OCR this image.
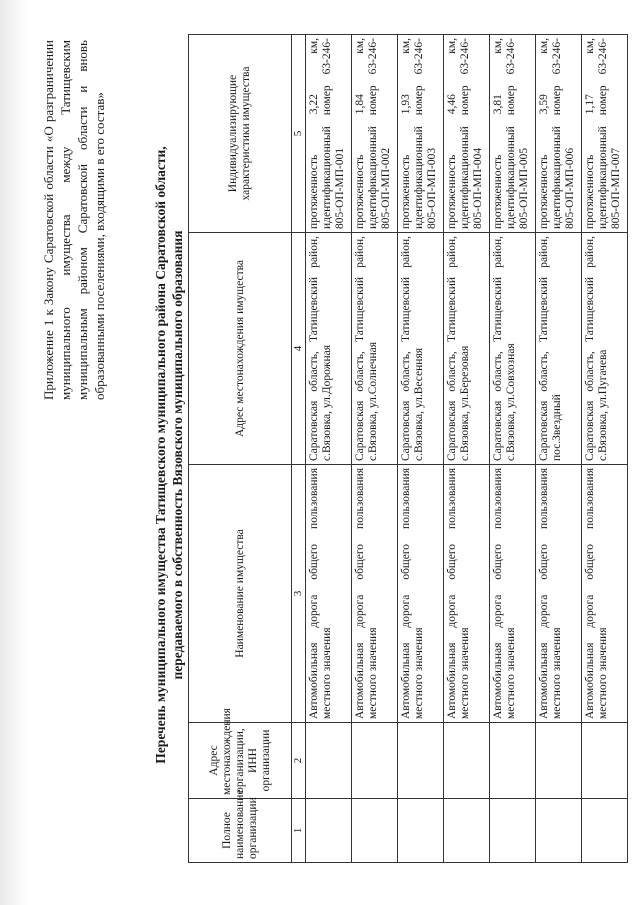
Приложение 1 к Закону Саратовской области «О разграничении муниципального имущества между Татищевским муниципальным районом Саратовской области и вновь образованными поселениями, входящими в его состав»	Перечень муниципального имущества Татищевского муниципального района Саратовской области, передаваемого в собственность Вязовского муниципального образования
Полное наименование организации	Адрес местонахождения организации, ИНН организации	Наименование имущества	Адрес местонахождения имущества	Индивидуализирующие характеристики имущества
1	2	3	4	5
		Автомобильная дорога общего пользования местного значения	Саратовская область, Татищевский район, с.Вязовка, ул.Дорожная	протяженность 3,22 км, идентификационный номер 63-246-805-ОП-МП-001
		Автомобильная дорога общего пользования местного значения	Саратовская область, Татищевский район, с.Вязовка, ул.Солнечная	протяженность 1,84 км, идентификационный номер 63-246-805-ОП-МП-002
		Автомобильная дорога общего пользования местного значения	Саратовская область, Татищевский район, с.Вязовка, ул.Весенняя	протяженность 1,93 км, идентификационный номер 63-246-805-ОП-МП-003
		Автомобильная дорога общего пользования местного значения	Саратовская область, Татищевский район, с.Вязовка, ул.Березовая	протяженность 4,46 км, идентификационный номер 63-246-805-ОП-МП-004
		Автомобильная дорога общего пользования местного значения	Саратовская область, Татищевский район, с.Вязовка, ул.Совхозная	протяженность 3,81 км, идентификационный номер 63-246-805-ОП-МП-005
		Автомобильная дорога общего пользования местного значения	Саратовская область, Татищевский район, пос.Звездный	протяженность 3,59 км, идентификационный номер 63-246-805-ОП-МП-006
		Автомобильная дорога общего пользования местного значения	Саратовская область, Татищевский район, с.Вязовка, ул.Пугачева	протяженность 1,17 км, идентификационный номер 63-246-805-ОП-МП-007
